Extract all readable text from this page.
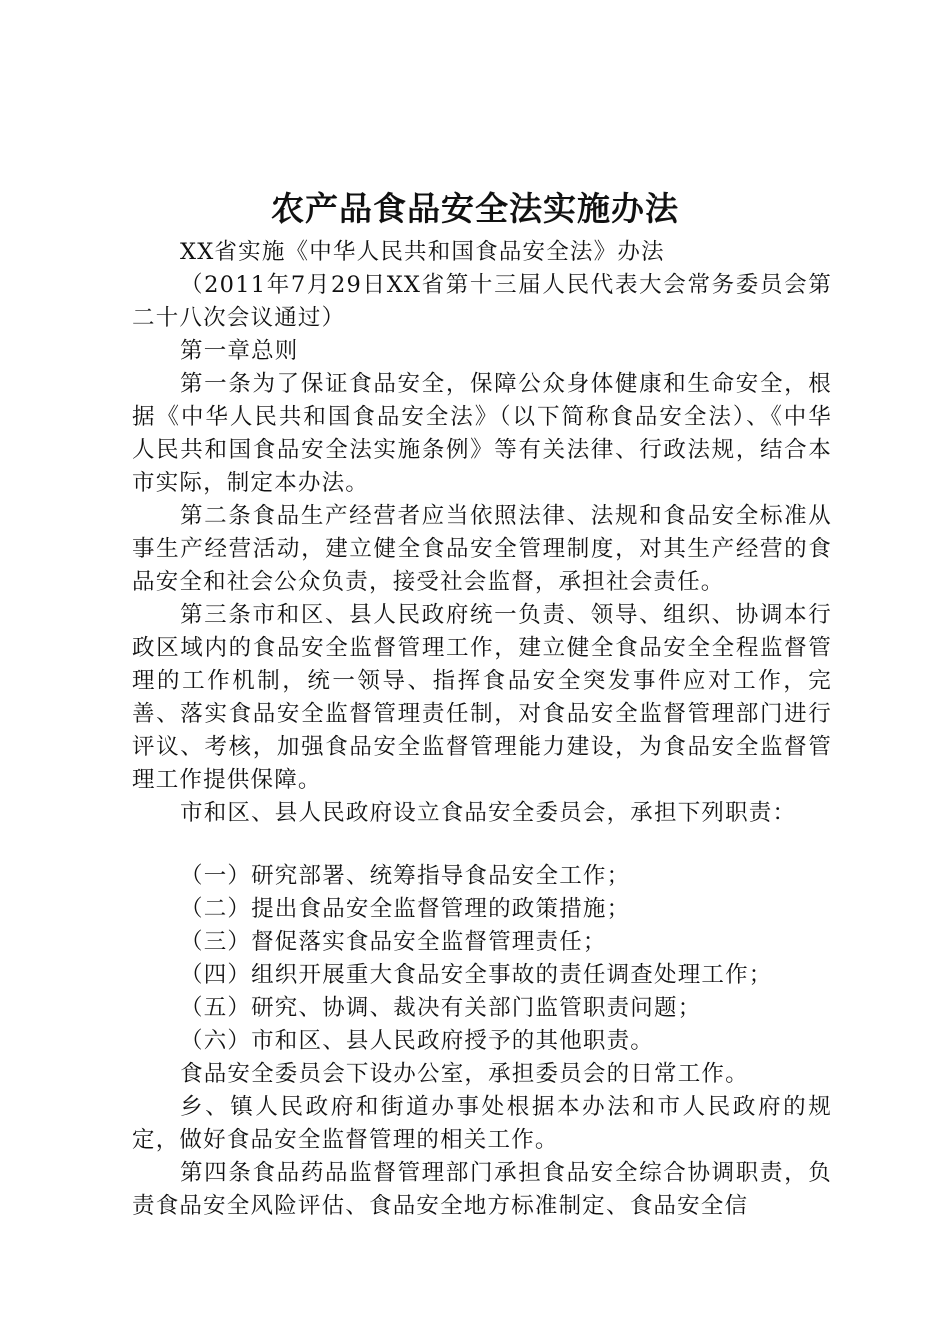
农产品食品安全法实施办法

XX省实施《中华人民共和国食品安全法》办法

（2011年7月29日XX省第十三届人民代表大会常务委员会第二十八次会议通过）

第一章总则

第一条为了保证食品安全，保障公众身体健康和生命安全，根据《中华人民共和国食品安全法》（以下简称食品安全法）、《中华人民共和国食品安全法实施条例》等有关法律、行政法规，结合本市实际，制定本办法。

第二条食品生产经营者应当依照法律、法规和食品安全标准从事生产经营活动，建立健全食品安全管理制度，对其生产经营的食品安全和社会公众负责，接受社会监督，承担社会责任。

第三条市和区、县人民政府统一负责、领导、组织、协调本行政区域内的食品安全监督管理工作，建立健全食品安全全程监督管理的工作机制，统一领导、指挥食品安全突发事件应对工作，完善、落实食品安全监督管理责任制，对食品安全监督管理部门进行评议、考核，加强食品安全监督管理能力建设，为食品安全监督管理工作提供保障。

市和区、县人民政府设立食品安全委员会，承担下列职责：

（一）研究部署、统筹指导食品安全工作；

（二）提出食品安全监督管理的政策措施；

（三）督促落实食品安全监督管理责任；

（四）组织开展重大食品安全事故的责任调查处理工作；

（五）研究、协调、裁决有关部门监管职责问题；

（六）市和区、县人民政府授予的其他职责。

食品安全委员会下设办公室，承担委员会的日常工作。

乡、镇人民政府和街道办事处根据本办法和市人民政府的规定，做好食品安全监督管理的相关工作。

第四条食品药品监督管理部门承担食品安全综合协调职责，负责食品安全风险评估、食品安全地方标准制定、食品安全信
